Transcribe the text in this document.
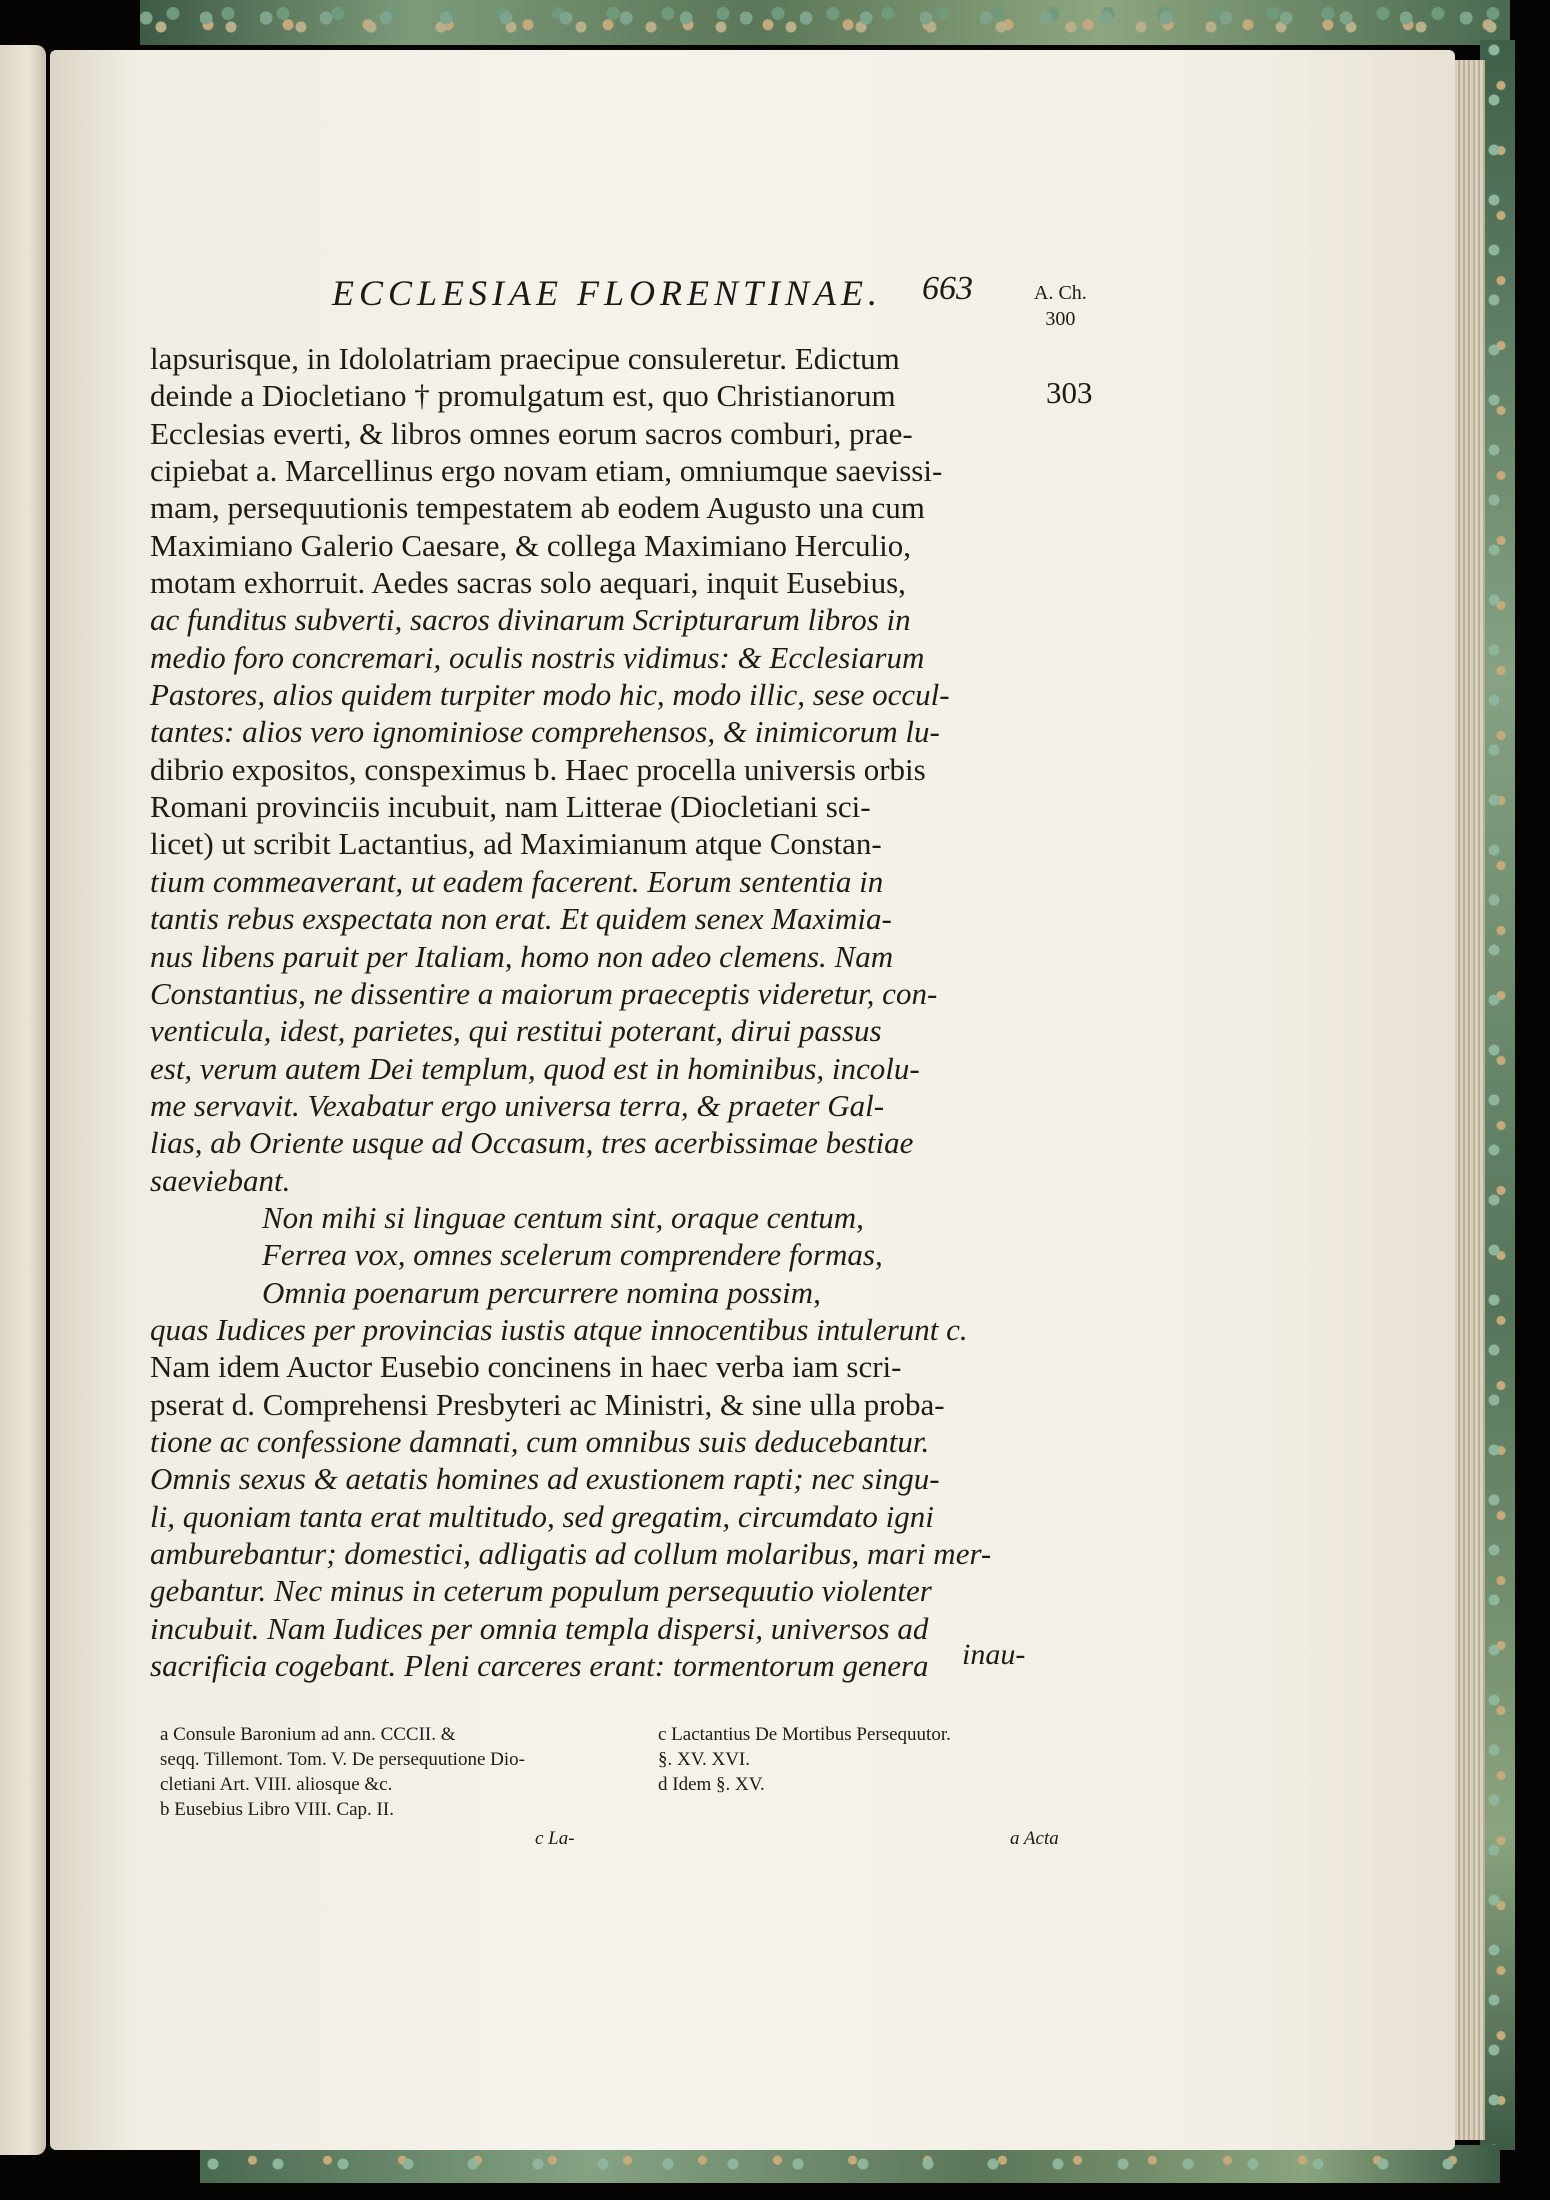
ECCLESIAE FLORENTINAE. 663	A. Ch.
300
303
lapsurisque, in Idololatriam praecipue consuleretur. Edictum
deinde a Diocletiano † promulgatum est, quo Christianorum
Ecclesias everti, & libros omnes eorum sacros comburi, prae-
cipiebat a. Marcellinus ergo novam etiam, omniumque saevissi-
mam, persequutionis tempestatem ab eodem Augusto una cum
Maximiano Galerio Caesare, & collega Maximiano Herculio,
motam exhorruit. Aedes sacras solo aequari, inquit Eusebius,
ac funditus subverti, sacros divinarum Scripturarum libros in
medio foro concremari, oculis nostris vidimus: & Ecclesiarum
Pastores, alios quidem turpiter modo hic, modo illic, sese occul-
tantes: alios vero ignominiose comprehensos, & inimicorum lu-
dibrio expositos, conspeximus b. Haec procella universis orbis
Romani provinciis incubuit, nam Litterae (Diocletiani sci-
licet) ut scribit Lactantius, ad Maximianum atque Constan-
tium commeaverant, ut eadem facerent. Eorum sententia in
tantis rebus exspectata non erat. Et quidem senex Maximia-
nus libens paruit per Italiam, homo non adeo clemens. Nam
Constantius, ne dissentire a maiorum praeceptis videretur, con-
venticula, idest, parietes, qui restitui poterant, dirui passus
est, verum autem Dei templum, quod est in hominibus, incolu-
me servavit. Vexabatur ergo universa terra, & praeter Gal-
lias, ab Oriente usque ad Occasum, tres acerbissimae bestiae
saeviebant.
Non mihi si linguae centum sint, oraque centum,
Ferrea vox, omnes scelerum comprendere formas,
Omnia poenarum percurrere nomina possim,
quas Iudices per provincias iustis atque innocentibus intulerunt c.
Nam idem Auctor Eusebio concinens in haec verba iam scri-
pserat d. Comprehensi Presbyteri ac Ministri, & sine ulla proba-
tione ac confessione damnati, cum omnibus suis deducebantur.
Omnis sexus & aetatis homines ad exustionem rapti; nec singu-
li, quoniam tanta erat multitudo, sed gregatim, circumdato igni
amburebantur; domestici, adligatis ad collum molaribus, mari mer-
gebantur. Nec minus in ceterum populum persequutio violenter
incubuit. Nam Iudices per omnia templa dispersi, universos ad
sacrificia cogebant. Pleni carceres erant: tormentorum genera	inau-
a Consule Baronium ad ann. CCCII. &
seqq. Tillemont. Tom. V. De persequutione Dio-
cletiani Art. VIII. aliosque &c.
b Eusebius Libro VIII. Cap. II.
c Lactantius De Mortibus Persequutor.
§. XV. XVI.
d Idem §. XV.
c La-	a Acta
